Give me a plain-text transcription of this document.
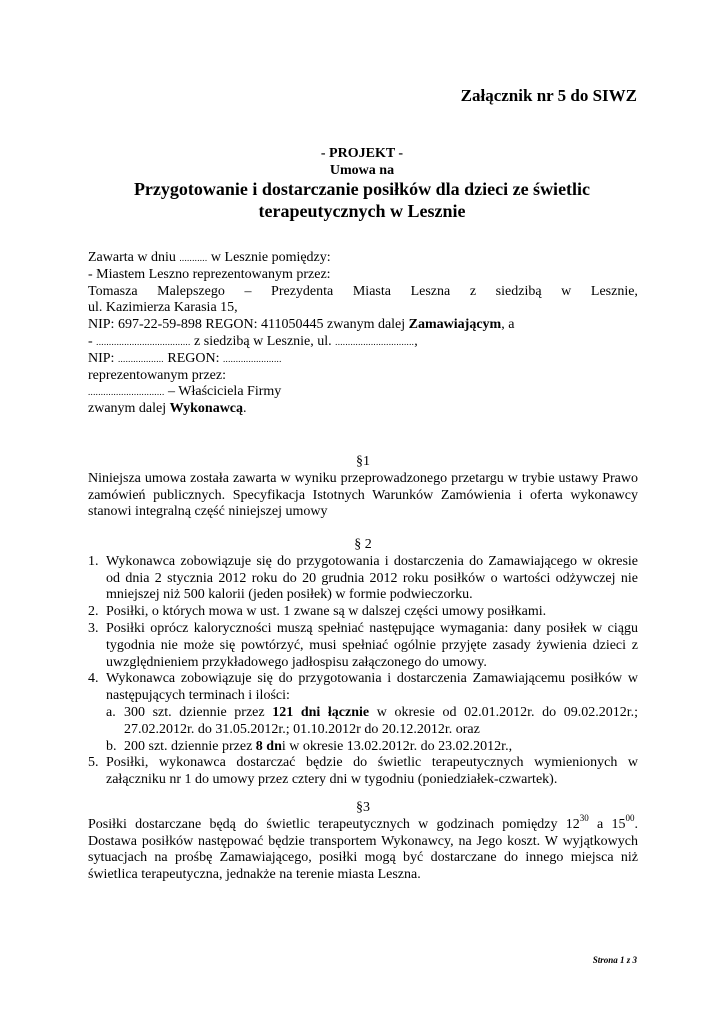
Załącznik nr 5 do SIWZ
- PROJEKT -
Umowa na
Przygotowanie i dostarczanie posiłków dla dzieci ze świetlic
terapeutycznych w Lesznie
Zawarta w dniu ........... w Lesznie pomiędzy:
- Miastem Leszno reprezentowanym przez:
Tomasza Malepszego – Prezydenta Miasta Leszna z siedzibą w Lesznie,
ul. Kazimierza Karasia 15,
NIP: 697-22-59-898 REGON: 411050445 zwanym dalej Zamawiającym, a
- ..................................... z siedzibą w Lesznie, ul. ...............................,
NIP: .................. REGON: .......................
reprezentowanym przez:
.............................. – Właściciela Firmy
zwanym dalej Wykonawcą.
§1
Niniejsza umowa została zawarta w wyniku przeprowadzonego przetargu w trybie ustawy Prawo zamówień publicznych. Specyfikacja Istotnych Warunków Zamówienia i oferta wykonawcy stanowi integralną część niniejszej umowy
§ 2
1. Wykonawca zobowiązuje się do przygotowania i dostarczenia do Zamawiającego w okresie od dnia 2 stycznia 2012 roku do 20 grudnia 2012 roku posiłków o wartości odżywczej nie mniejszej niż 500 kalorii (jeden posiłek) w formie podwieczorku.
2. Posiłki, o których mowa w ust. 1 zwane są w dalszej części umowy posiłkami.
3. Posiłki oprócz kaloryczności muszą spełniać następujące wymagania: dany posiłek w ciągu tygodnia nie może się powtórzyć, musi spełniać ogólnie przyjęte zasady żywienia dzieci z uwzględnieniem przykładowego jadłospisu załączonego do umowy.
4. Wykonawca zobowiązuje się do przygotowania i dostarczenia Zamawiającemu posiłków w następujących terminach i ilości:
a. 300 szt. dziennie przez 121 dni łącznie w okresie od 02.01.2012r. do 09.02.2012r.; 27.02.2012r. do 31.05.2012r.; 01.10.2012r do 20.12.2012r. oraz
b. 200 szt. dziennie przez 8 dni w okresie 13.02.2012r. do 23.02.2012r.,
5. Posiłki, wykonawca dostarczać będzie do świetlic terapeutycznych wymienionych w załączniku nr 1 do umowy przez cztery dni w tygodniu (poniedziałek-czwartek).
§3
Posiłki dostarczane będą do świetlic terapeutycznych w godzinach pomiędzy $12^{30}$ a $15^{00}$. Dostawa posiłków następować będzie transportem Wykonawcy, na Jego koszt. W wyjątkowych sytuacjach na prośbę Zamawiającego, posiłki mogą być dostarczane do innego miejsca niż świetlica terapeutyczna, jednakże na terenie miasta Leszna.
Strona 1 z 3
